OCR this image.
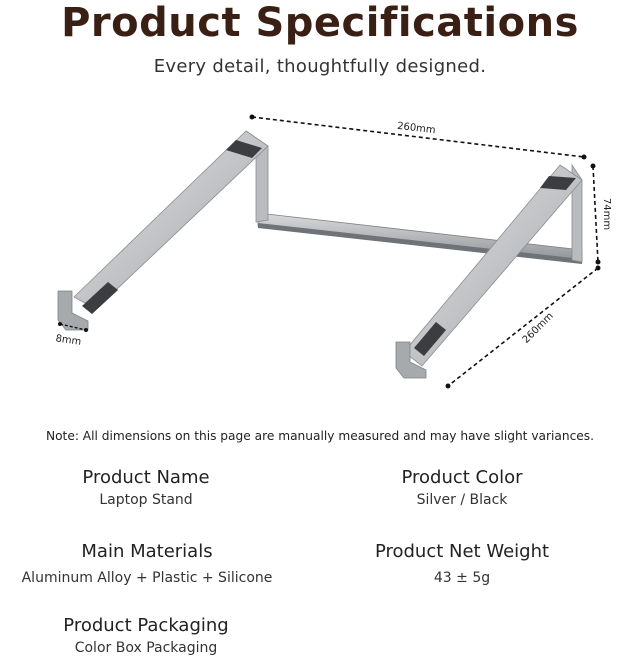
Product Specifications
Every detail, thoughtfully designed.
260mm
74mm
260mm
8mm
Note: All dimensions on this page are manually measured and may have slight variances.
Product Name
Laptop Stand
Product Color
Silver / Black
Main Materials
Aluminum Alloy + Plastic + Silicone
Product Net Weight
43 ± 5g
Product Packaging
Color Box Packaging
